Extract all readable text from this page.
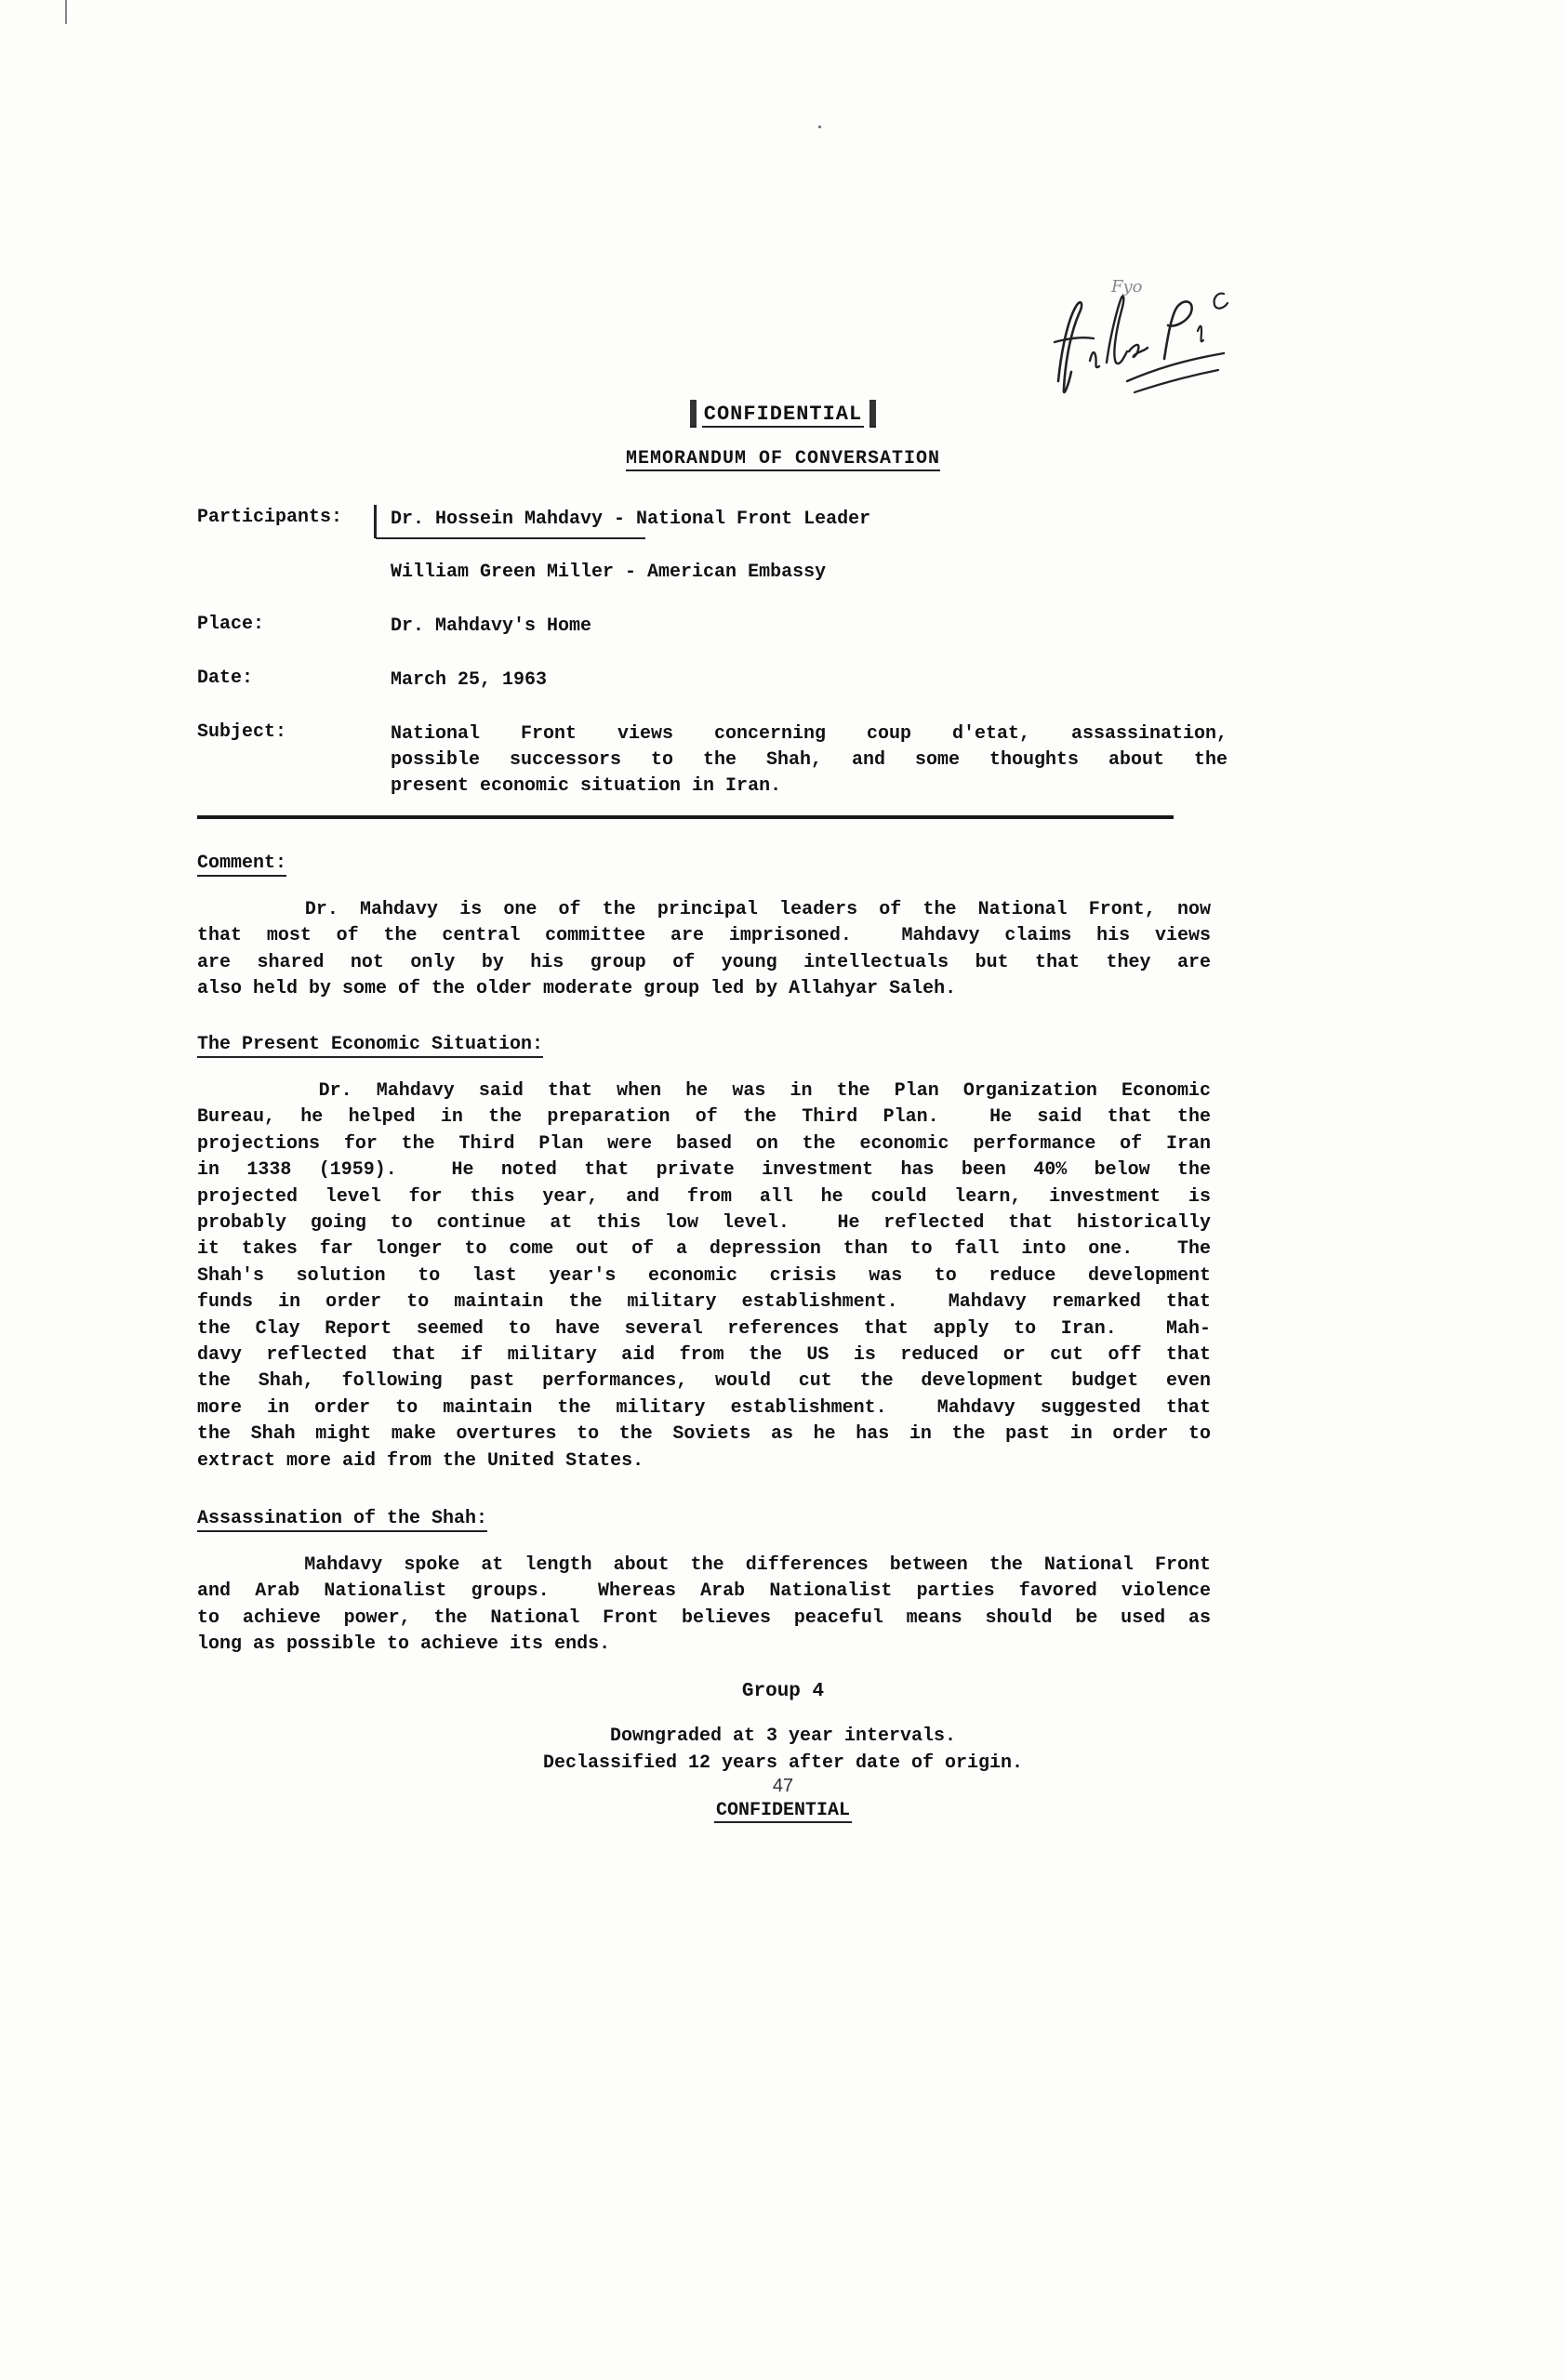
Fyo
CONFIDENTIAL
MEMORANDUM OF CONVERSATION
Participants:	Dr. Hossein Mahdavy - National Front Leader
William Green Miller - American Embassy
Place:	Dr. Mahdavy's Home
Date:	March 25, 1963
Subject:	National Front views concerning coup d'etat, assassination,
possible successors to the Shah, and some thoughts about the
present economic situation in Iran.
Comment:
Dr. Mahdavy is one of the principal leaders of the National Front, now
that most of the central committee are imprisoned.  Mahdavy claims his views
are shared not only by his group of young intellectuals but that they are
also held by some of the older moderate group led by Allahyar Saleh.
The Present Economic Situation:
Dr. Mahdavy said that when he was in the Plan Organization Economic
Bureau, he helped in the preparation of the Third Plan.  He said that the
projections for the Third Plan were based on the economic performance of Iran
in 1338 (1959).  He noted that private investment has been 40% below the
projected level for this year, and from all he could learn, investment is
probably going to continue at this low level.  He reflected that historically
it takes far longer to come out of a depression than to fall into one.  The
Shah's solution to last year's economic crisis was to reduce development
funds in order to maintain the military establishment.  Mahdavy remarked that
the Clay Report seemed to have several references that apply to Iran.  Mah-
davy reflected that if military aid from the US is reduced or cut off that
the Shah, following past performances, would cut the development budget even
more in order to maintain the military establishment.  Mahdavy suggested that
the Shah might make overtures to the Soviets as he has in the past in order to
extract more aid from the United States.
Assassination of the Shah:
Mahdavy spoke at length about the differences between the National Front
and Arab Nationalist groups.  Whereas Arab Nationalist parties favored violence
to achieve power, the National Front believes peaceful means should be used as
long as possible to achieve its ends.
Group 4
Downgraded at 3 year intervals.
Declassified 12 years after date of origin.
47
CONFIDENTIAL
